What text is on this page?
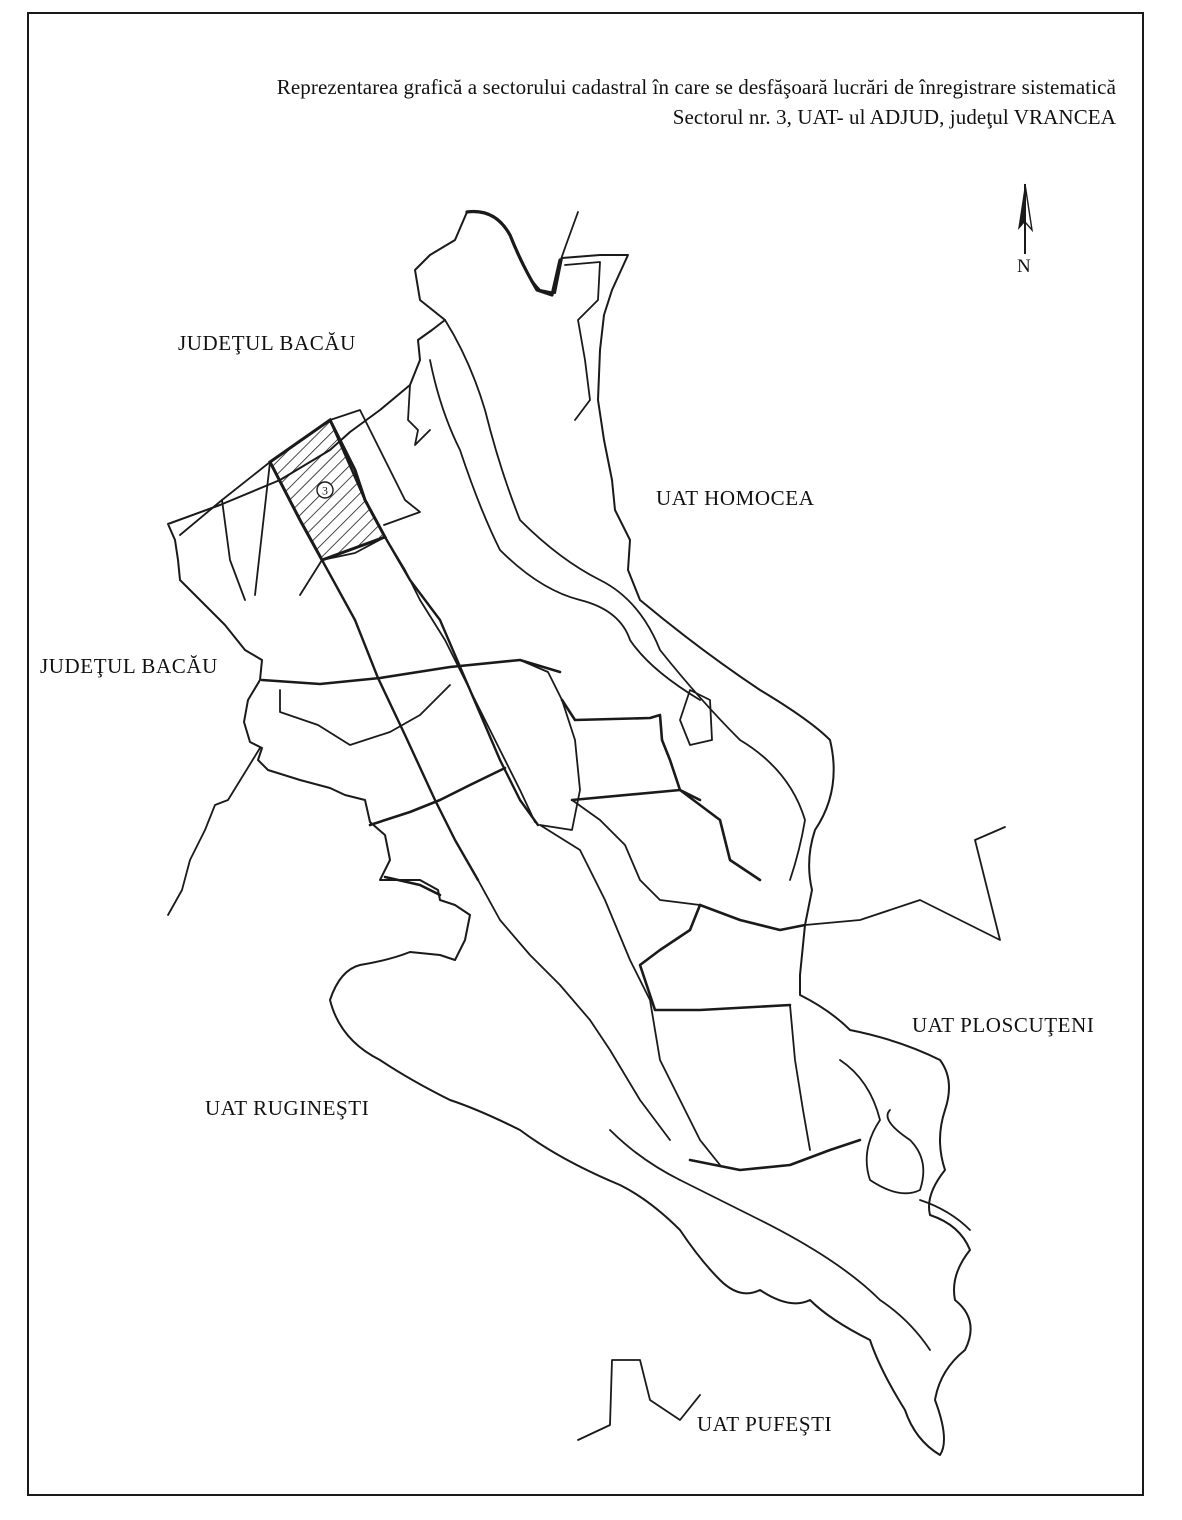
Reprezentarea grafică a sectorului cadastral în care se desfăşoară lucrări de înregistrare sistematică
Sectorul nr. 3, UAT- ul ADJUD, judeţul VRANCEA
3
N
JUDEŢUL BACĂU
JUDEŢUL BACĂU
UAT HOMOCEA
UAT PLOSCUŢENI
UAT RUGINEŞTI
UAT PUFEŞTI
